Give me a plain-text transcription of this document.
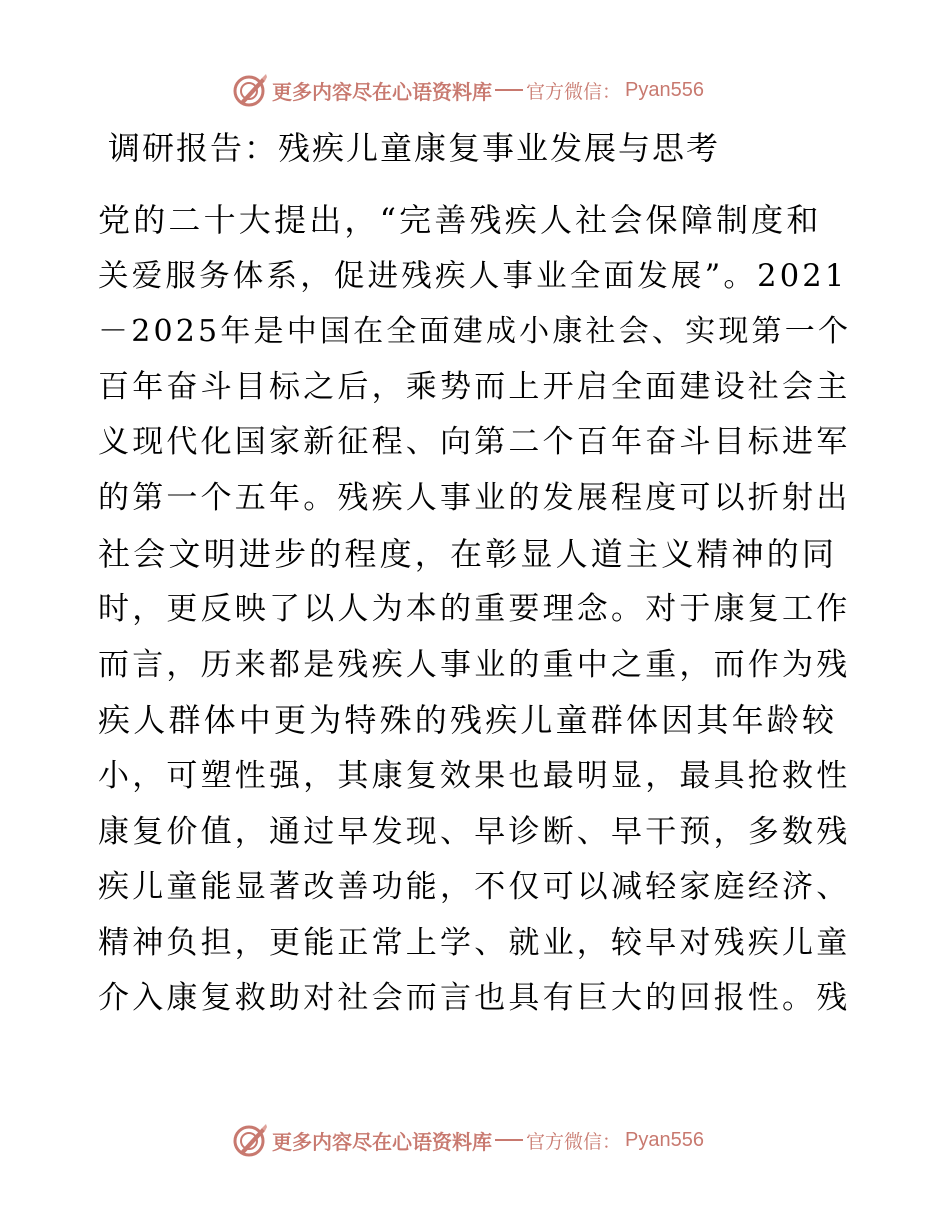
更多内容尽在心语资料库 官方微信： Pyan556
调研报告：残疾儿童康复事业发展与思考
党的二十大提出，“完善残疾人社会保障制度和
关爱服务体系，促进残疾人事业全面发展”。2021
－2025年是中国在全面建成小康社会、实现第一个
百年奋斗目标之后，乘势而上开启全面建设社会主
义现代化国家新征程、向第二个百年奋斗目标进军
的第一个五年。残疾人事业的发展程度可以折射出
社会文明进步的程度，在彰显人道主义精神的同
时，更反映了以人为本的重要理念。对于康复工作
而言，历来都是残疾人事业的重中之重，而作为残
疾人群体中更为特殊的残疾儿童群体因其年龄较
小，可塑性强，其康复效果也最明显，最具抢救性
康复价值，通过早发现、早诊断、早干预，多数残
疾儿童能显著改善功能，不仅可以减轻家庭经济、
精神负担，更能正常上学、就业，较早对残疾儿童
介入康复救助对社会而言也具有巨大的回报性。残
更多内容尽在心语资料库 官方微信： Pyan556
